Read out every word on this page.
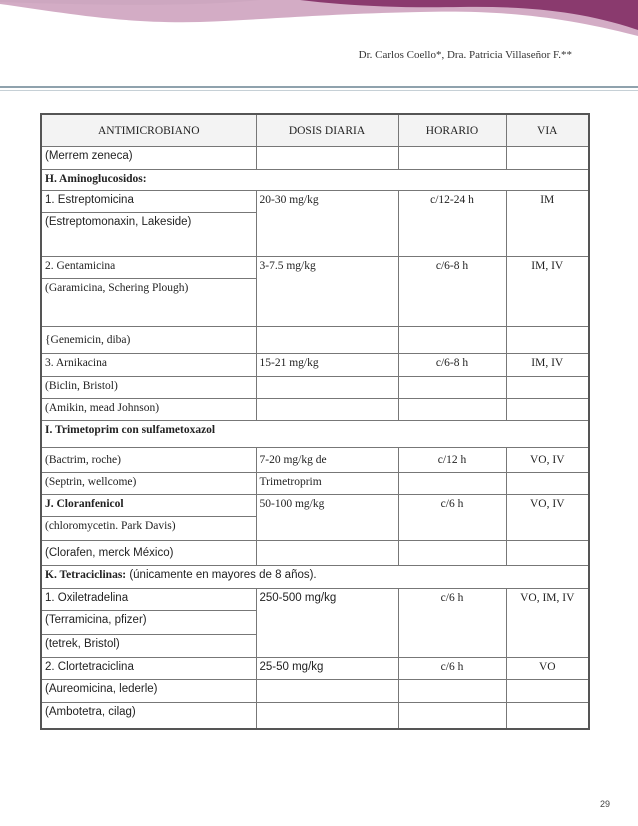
Dr. Carlos Coello*, Dra. Patricia Villaseñor F.**
ANTIMICROBIANO	DOSIS DIARIA	HORARIO	VIA
(Merrem zeneca)			
H. Aminoglucosidos:			
1. Estreptomicina	20-30 mg/kg	c/12-24 h	IM
(Estreptomonaxin, Lakeside)			
2. Gentamicina	3-7.5 mg/kg	c/6-8 h	IM, IV
(Garamicina, Schering Plough)			
{Genemicin, diba)			
3. Arnikacina	15-21 mg/kg	c/6-8 h	IM, IV
(Biclin, Bristol)			
(Amikin, mead Johnson)			
I. Trimetoprim con sulfametoxazol			
(Bactrim, roche)	7-20 mg/kg de	c/12 h	VO, IV
(Septrin, wellcome)	Trimetroprim		
J. Cloranfenicol	50-100 mg/kg	c/6 h	VO, IV
(chloromycetin. Park Davis)			
(Clorafen, merck México)			
K. Tetraciclinas: (únicamente en mayores de 8 años).			
1. Oxiletradelina	250-500 mg/kg	c/6 h	VO, IM, IV
(Terramicina, pfizer)			
(tetrek, Bristol)			
2. Clortetraciclina	25-50 mg/kg	c/6 h	VO
(Aureomicina, lederle)			
(Ambotetra, cilag)			
29
